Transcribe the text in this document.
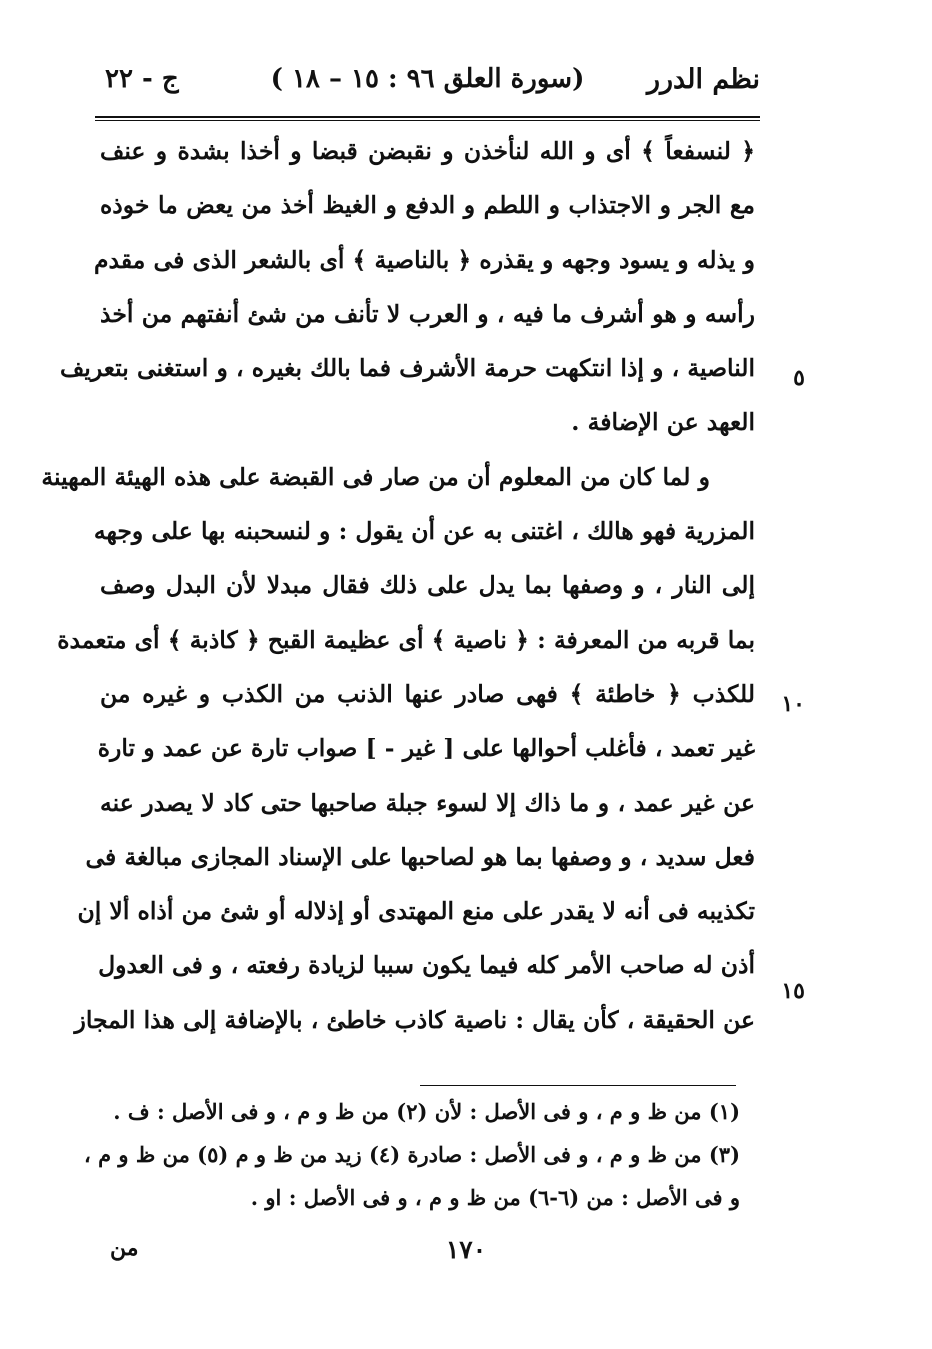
نظم الدرر
(سورة العلق ٩٦ : ١٥ – ١٨ )
ج - ٢٢
﴿ لنسفعاً ﴾ أى و الله لنأخذن و نقبضن قبضا و أخذا بشدة و عنف
مع الجر و الاجتذاب و اللطم و الدفع و الغيظ أخذ من يعض ما خوذه
و يذله و يسود وجهه و يقذره ﴿ بالناصية ﴾ أى بالشعر الذى فى مقدم
رأسه و هو أشرف ما فيه ، و العرب لا تأنف من شئ أنفتهم من أخذ
الناصية ، و إذا انتكهت حرمة الأشرف فما بالك بغيره ، و استغنى بتعريف
العهد عن الإضافة .
و لما كان من المعلوم أن من صار فى القبضة على هذه الهيئة المهينة
المزرية فهو هالك ، اغتنى به عن أن يقول : و لنسحبنه بها على وجهه
إلى النار ، و وصفها بما يدل على ذلك فقال مبدلا لأن البدل وصف
بما قربه من المعرفة : ﴿ ناصية ﴾ أى عظيمة القبح ﴿ كاذبة ﴾ أى متعمدة
للكذب ﴿ خاطئة ﴾ فهى صادر عنها الذنب من الكذب و غيره من
غير تعمد ، فأغلب أحوالها على [ غير - ] صواب تارة عن عمد و تارة
عن غير عمد ، و ما ذاك إلا لسوء جبلة صاحبها حتى كاد لا يصدر عنه
فعل سديد ، و وصفها بما هو لصاحبها على الإسناد المجازى مبالغة فى
تكذيبه فى أنه لا يقدر على منع المهتدى أو إذلاله أو شئ من أذاه ألا إن
أذن له صاحب الأمر كله فيما يكون سببا لزيادة رفعته ، و فى العدول
عن الحقيقة ، كأن يقال : ناصية كاذب خاطئ ، بالإضافة إلى هذا المجاز
٥
١٠
١٥
(١) من ظ و م ، و فى الأصل : لأن (٢) من ظ و م ، و فى الأصل : ف .
(٣) من ظ و م ، و فى الأصل : صادرة (٤) زيد من ظ و م (٥) من ظ و م ،
و فى الأصل : من (٦-٦) من ظ و م ، و فى الأصل : او .
١٧٠
من
